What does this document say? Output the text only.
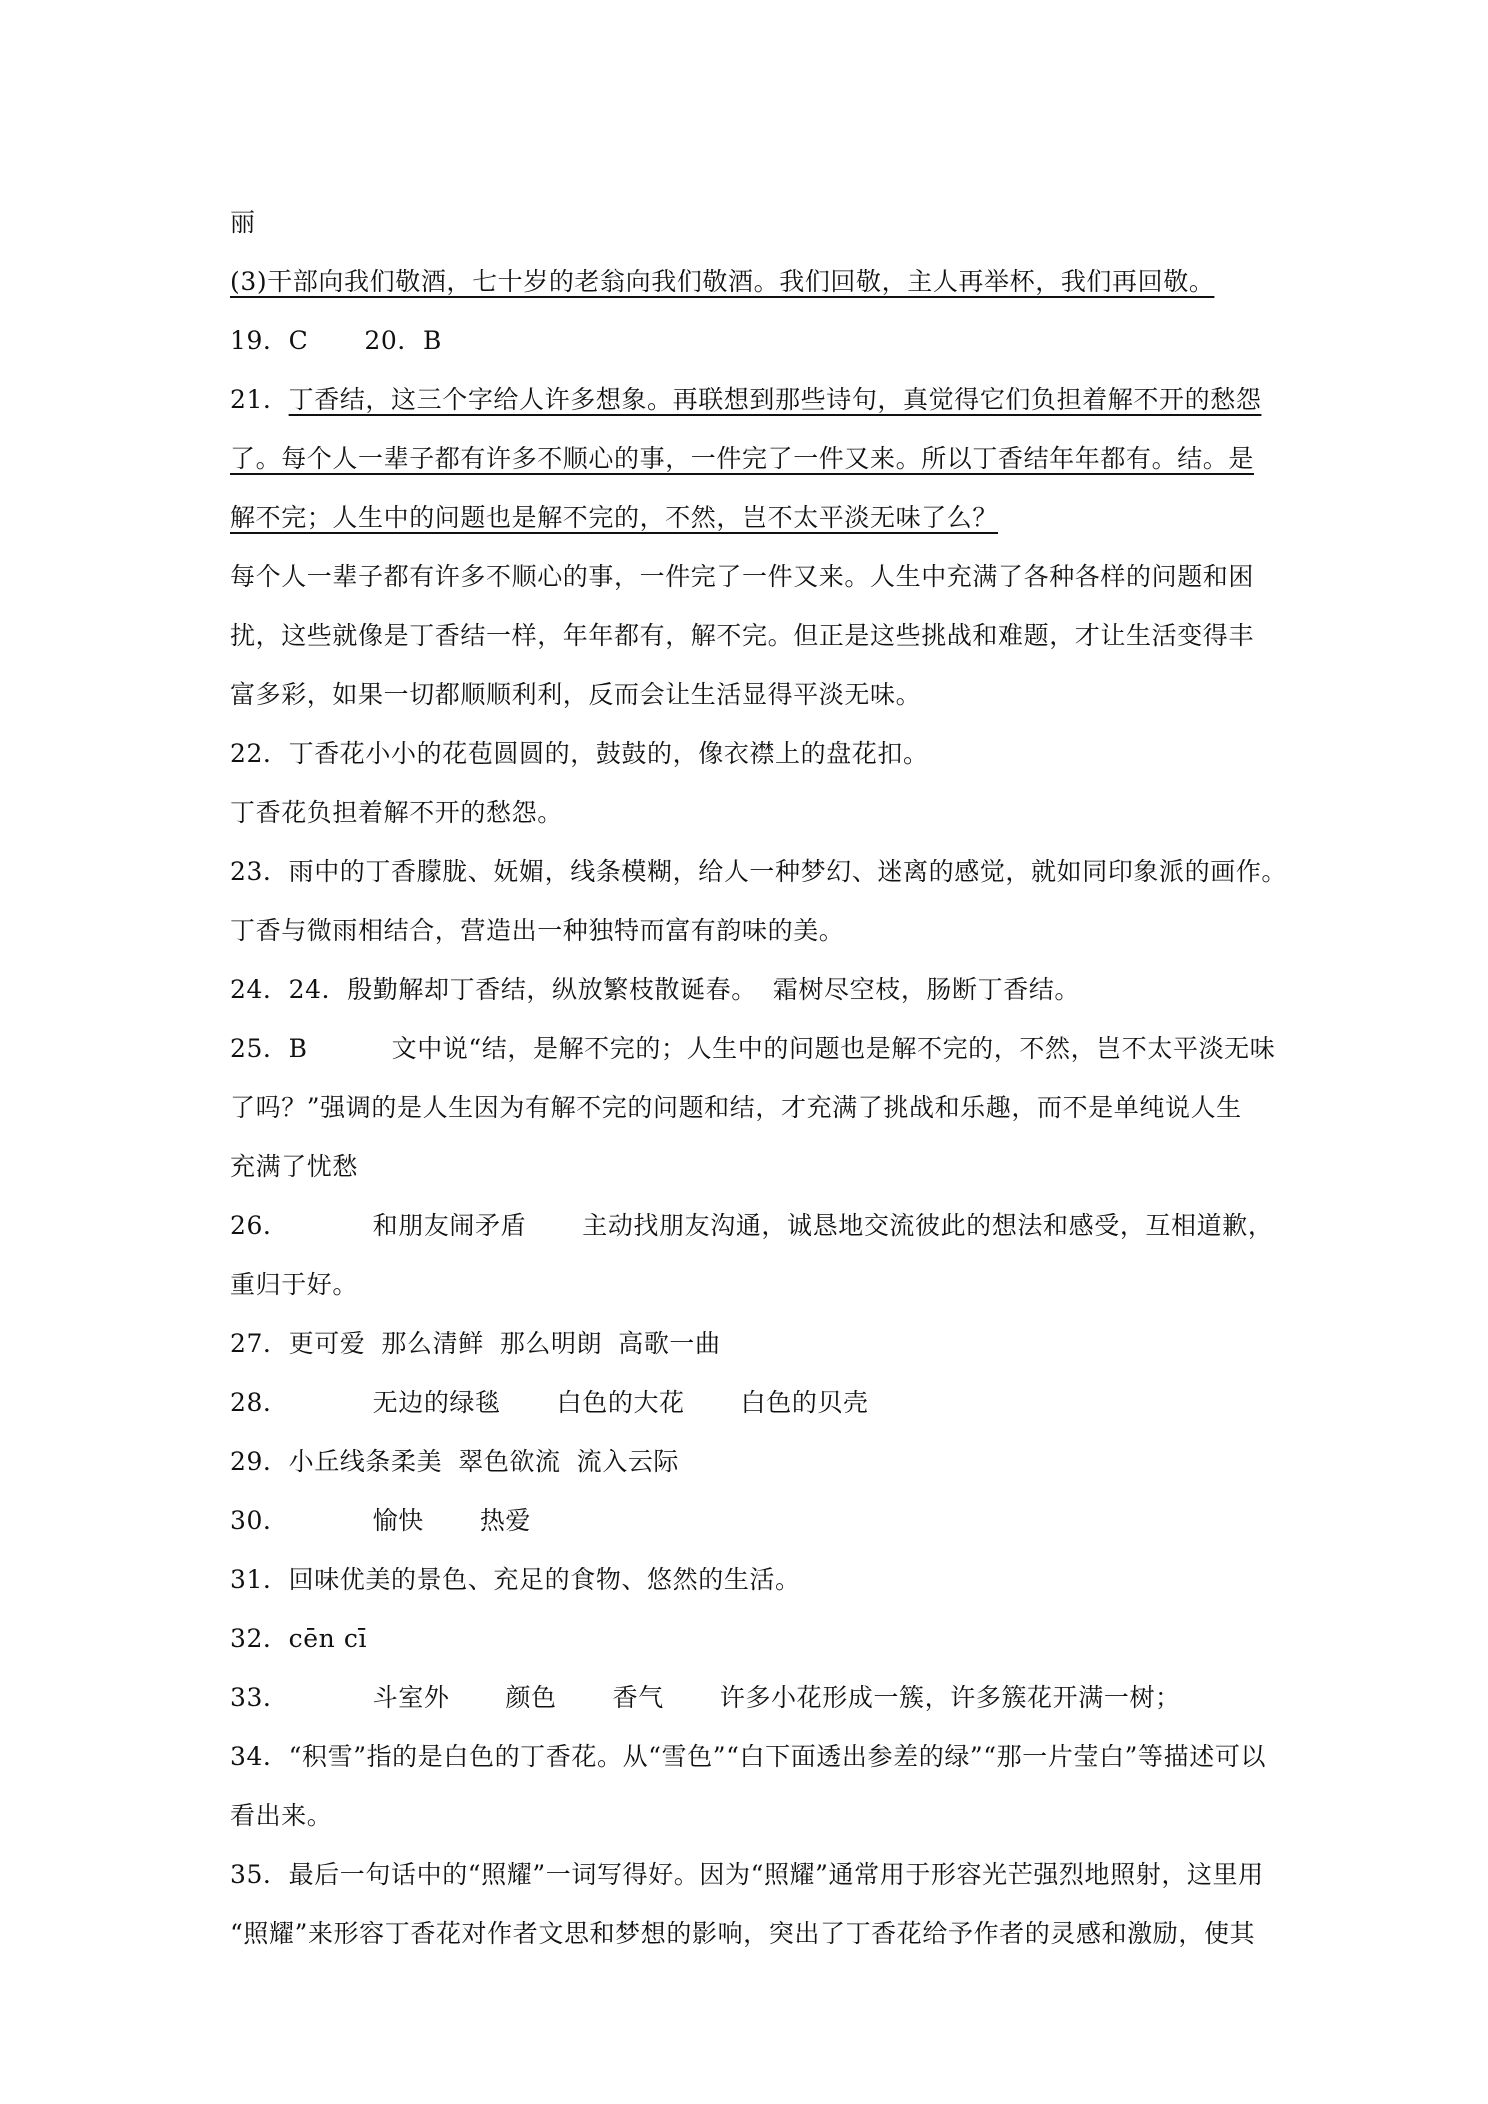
丽
(3)干部向我们敬酒，七十岁的老翁向我们敬酒。我们回敬，主人再举杯，我们再回敬。
19．C 20．B
21．丁香结，这三个字给人许多想象。再联想到那些诗句，真觉得它们负担着解不开的愁怨
了。每个人一辈子都有许多不顺心的事，一件完了一件又来。所以丁香结年年都有。结。是
解不完；人生中的问题也是解不完的，不然，岂不太平淡无味了么？
每个人一辈子都有许多不顺心的事，一件完了一件又来。人生中充满了各种各样的问题和困
扰，这些就像是丁香结一样，年年都有，解不完。但正是这些挑战和难题，才让生活变得丰
富多彩，如果一切都顺顺利利，反而会让生活显得平淡无味。
22．丁香花小小的花苞圆圆的，鼓鼓的，像衣襟上的盘花扣。
丁香花负担着解不开的愁怨。
23．雨中的丁香朦胧、妩媚，线条模糊，给人一种梦幻、迷离的感觉，就如同印象派的画作。
丁香与微雨相结合，营造出一种独特而富有韵味的美。
24．24．殷勤解却丁香结，纵放繁枝散诞春。 霜树尽空枝，肠断丁香结。
25．B	文中说“结，是解不完的；人生中的问题也是解不完的，不然，岂不太平淡无味
了吗？”强调的是人生因为有解不完的问题和结，才充满了挑战和乐趣，而不是单纯说人生
充满了忧愁
26．	和朋友闹矛盾 主动找朋友沟通，诚恳地交流彼此的想法和感受，互相道歉，
重归于好。
27．更可爱 那么清鲜 那么明朗 高歌一曲
28．	无边的绿毯 白色的大花 白色的贝壳
29．小丘线条柔美 翠色欲流 流入云际
30．	愉快 热爱
31．回味优美的景色、充足的食物、悠然的生活。
32．cēn cī
33．	斗室外 颜色 香气 许多小花形成一簇，许多簇花开满一树；
34．“积雪”指的是白色的丁香花。从“雪色”“白下面透出参差的绿”“那一片莹白”等描述可以
看出来。
35．最后一句话中的“照耀”一词写得好。因为“照耀”通常用于形容光芒强烈地照射，这里用
“照耀”来形容丁香花对作者文思和梦想的影响，突出了丁香花给予作者的灵感和激励，使其
